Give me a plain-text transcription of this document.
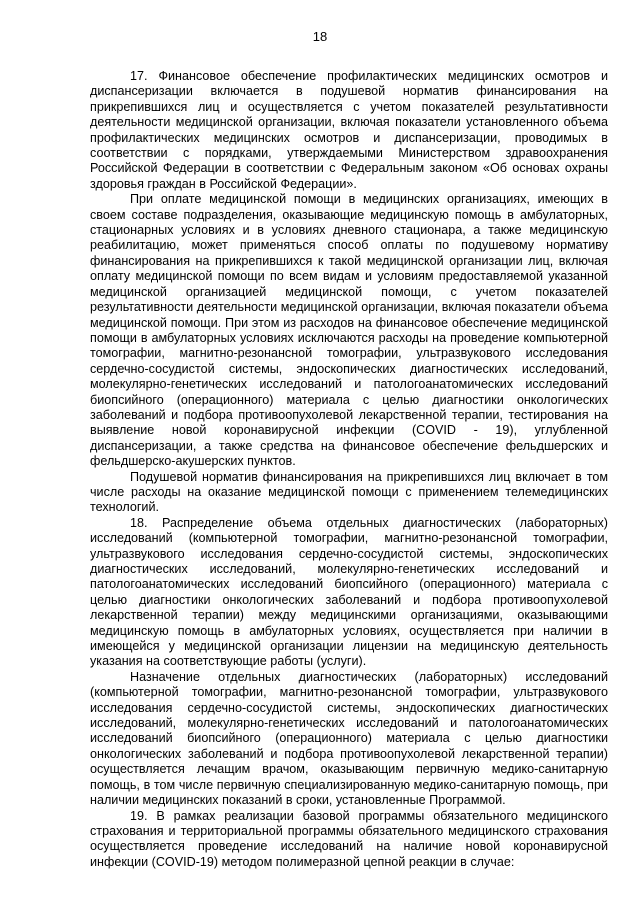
18

17. Финансовое обеспечение профилактических медицинских осмотров и диспансеризации включается в подушевой норматив финансирования на прикрепившихся лиц и осуществляется с учетом показателей результативности деятельности медицинской организации, включая показатели установленного объема профилактических медицинских осмотров и диспансеризации, проводимых в соответствии с порядками, утверждаемыми Министерством здравоохранения Российской Федерации в соответствии с Федеральным законом «Об основах охраны здоровья граждан в Российской Федерации».

При оплате медицинской помощи в медицинских организациях, имеющих в своем составе подразделения, оказывающие медицинскую помощь в амбулаторных, стационарных условиях и в условиях дневного стационара, а также медицинскую реабилитацию, может применяться способ оплаты по подушевому нормативу финансирования на прикрепившихся к такой медицинской организации лиц, включая оплату медицинской помощи по всем видам и условиям предоставляемой указанной медицинской организацией медицинской помощи, с учетом показателей результативности деятельности медицинской организации, включая показатели объема медицинской помощи. При этом из расходов на финансовое обеспечение медицинской помощи в амбулаторных условиях исключаются расходы на проведение компьютерной томографии, магнитно-резонансной томографии, ультразвукового исследования сердечно-сосудистой системы, эндоскопических диагностических исследований, молекулярно-генетических исследований и патологоанатомических исследований биопсийного (операционного) материала с целью диагностики онкологических заболеваний и подбора противоопухолевой лекарственной терапии, тестирования на выявление новой коронавирусной инфекции (COVID - 19), углубленной диспансеризации, а также средства на финансовое обеспечение фельдшерских и фельдшерско-акушерских пунктов.

Подушевой норматив финансирования на прикрепившихся лиц включает в том числе расходы на оказание медицинской помощи с применением телемедицинских технологий.

18. Распределение объема отдельных диагностических (лабораторных) исследований (компьютерной томографии, магнитно-резонансной томографии, ультразвукового исследования сердечно-сосудистой системы, эндоскопических диагностических исследований, молекулярно-генетических исследований и патологоанатомических исследований биопсийного (операционного) материала с целью диагностики онкологических заболеваний и подбора противоопухолевой лекарственной терапии) между медицинскими организациями, оказывающими медицинскую помощь в амбулаторных условиях, осуществляется при наличии в имеющейся у медицинской организации лицензии на медицинскую деятельность указания на соответствующие работы (услуги).

Назначение отдельных диагностических (лабораторных) исследований (компьютерной томографии, магнитно-резонансной томографии, ультразвукового исследования сердечно-сосудистой системы, эндоскопических диагностических исследований, молекулярно-генетических исследований и патологоанатомических исследований биопсийного (операционного) материала с целью диагностики онкологических заболеваний и подбора противоопухолевой лекарственной терапии) осуществляется лечащим врачом, оказывающим первичную медико-санитарную помощь, в том числе первичную специализированную медико-санитарную помощь, при наличии медицинских показаний в сроки, установленные Программой.

19. В рамках реализации базовой программы обязательного медицинского страхования и территориальной программы обязательного медицинского страхования осуществляется проведение исследований на наличие новой коронавирусной инфекции (COVID-19) методом полимеразной цепной реакции в случае:
